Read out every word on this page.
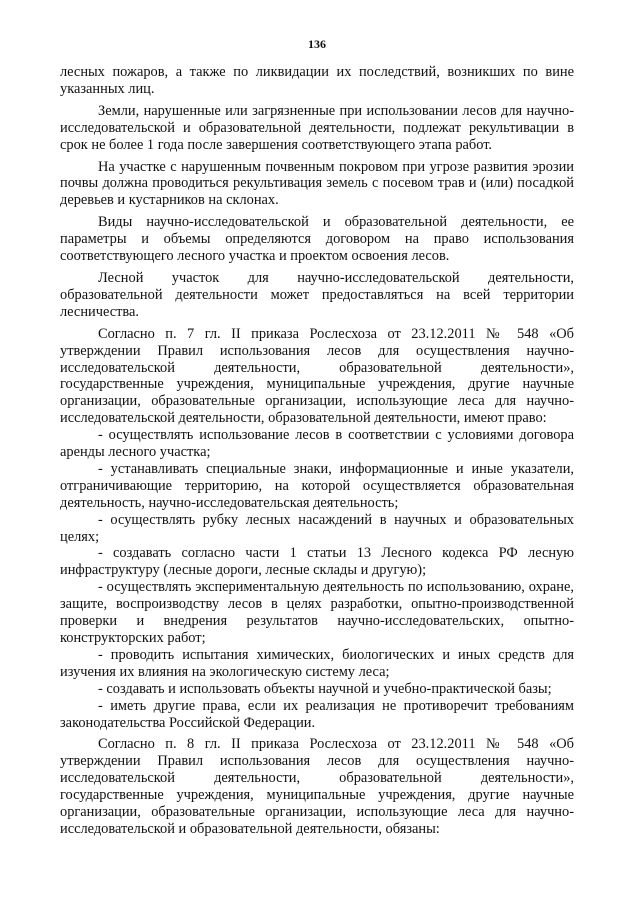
136

лесных пожаров, а также по ликвидации их последствий, возникших по вине указанных лиц.

Земли, нарушенные или загрязненные при использовании лесов для научно-исследовательской и образовательной деятельности, подлежат рекультивации в срок не более 1 года после завершения соответствующего этапа работ.

На участке с нарушенным почвенным покровом при угрозе развития эрозии почвы должна проводиться рекультивация земель с посевом трав и (или) посадкой деревьев и кустарников на склонах.

Виды научно-исследовательской и образовательной деятельности, ее параметры и объемы определяются договором на право использования соответствующего лесного участка и проектом освоения лесов.

Лесной участок для научно-исследовательской деятельности, образовательной деятельности может предоставляться на всей территории лесничества.

Согласно п. 7 гл. II приказа Рослесхоза от 23.12.2011 № 548 «Об утверждении Правил использования лесов для осуществления научно-исследовательской деятельности, образовательной деятельности», государственные учреждения, муниципальные учреждения, другие научные организации, образовательные организации, использующие леса для научно-исследовательской деятельности, образовательной деятельности, имеют право:

- осуществлять использование лесов в соответствии с условиями договора аренды лесного участка;

- устанавливать специальные знаки, информационные и иные указатели, отграничивающие территорию, на которой осуществляется образовательная деятельность, научно-исследовательская деятельность;

- осуществлять рубку лесных насаждений в научных и образовательных целях;

- создавать согласно части 1 статьи 13 Лесного кодекса РФ лесную инфраструктуру (лесные дороги, лесные склады и другую);

- осуществлять экспериментальную деятельность по использованию, охране, защите, воспроизводству лесов в целях разработки, опытно-производственной проверки и внедрения результатов научно-исследовательских, опытно-конструкторских работ;

- проводить испытания химических, биологических и иных средств для изучения их влияния на экологическую систему леса;

- создавать и использовать объекты научной и учебно-практической базы;

- иметь другие права, если их реализация не противоречит требованиям законодательства Российской Федерации.

Согласно п. 8 гл. II приказа Рослесхоза от 23.12.2011 № 548 «Об утверждении Правил использования лесов для осуществления научно-исследовательской деятельности, образовательной деятельности», государственные учреждения, муниципальные учреждения, другие научные организации, образовательные организации, использующие леса для научно-исследовательской и образовательной деятельности, обязаны:
